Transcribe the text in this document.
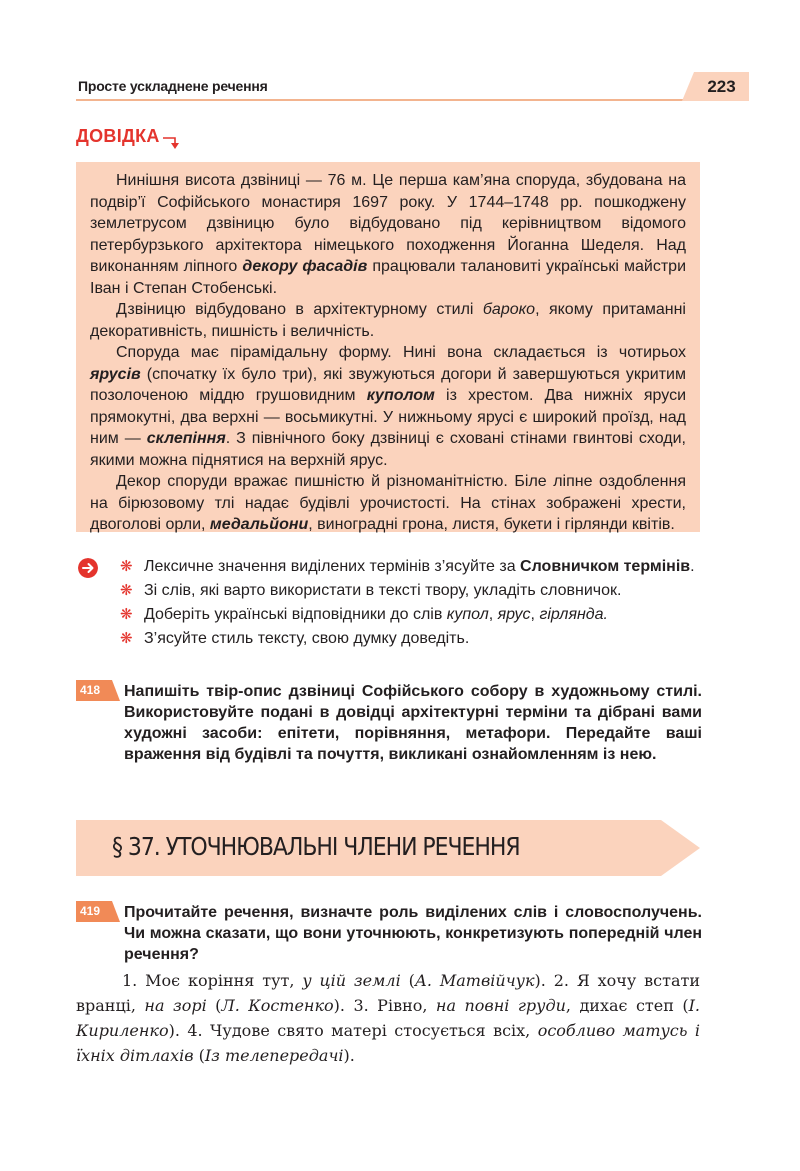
Просте ускладнене речення	223
ДОВІДКА

Нинішня висота дзвіниці — 76 м. Це перша кам’яна споруда, збудована на подвір’ї Софійського монастиря 1697 року. У 1744–1748 рр. пошкоджену землетрусом дзвіницю було відбудовано під керівництвом відомого петербурзького архітектора німецького походження Йоганна Шеделя. Над виконанням ліпного декору фасадів працювали талановиті українські майстри Іван і Степан Стобенські.

Дзвіницю відбудовано в архітектурному стилі бароко, якому притаманні декоративність, пишність і величність.

Споруда має пірамідальну форму. Нині вона складається із чотирьох ярусів (спочатку їх було три), які звужуються догори й завершуються укритим позолоченою міддю грушовидним куполом із хрестом. Два нижніх яруси прямокутні, два верхні — восьмикутні. У нижньому ярусі є широкий проїзд, над ним — склепіння. З північного боку дзвіниці є сховані стінами гвинтові сходи, якими можна піднятися на верхній ярус.

Декор споруди вражає пишністю й різноманітністю. Біле ліпне оздоблення на бірюзовому тлі надає будівлі урочистості. На стінах зображені хрести, двоголові орли, медальйони, виноградні грона, листя, букети і гірлянди квітів.

❋ Лексичне значення виділених термінів з’ясуйте за Словничком термінів.
❋ Зі слів, які варто використати в тексті твору, укладіть словничок.
❋ Доберіть українські відповідники до слів купол, ярус, гірлянда.
❋ З’ясуйте стиль тексту, свою думку доведіть.
418	Напишіть твір-опис дзвіниці Софійського собору в художньому стилі. Використовуйте подані в довідці архітектурні терміни та дібрані вами художні засоби: епітети, порівняння, метафори. Передайте ваші враження від будівлі та почуття, викликані ознайомленням із нею.
§ 37. УТОЧНЮВАЛЬНІ ЧЛЕНИ РЕЧЕННЯ
419	Прочитайте речення, визначте роль виділених слів і словосполучень. Чи можна сказати, що вони уточнюють, конкретизують попередній член речення?

1. Моє коріння тут, у цій землі (А. Матвійчук). 2. Я хочу встати вранці, на зорі (Л. Костенко). 3. Рівно, на повні груди, дихає степ (І. Кириленко). 4. Чудове свято матері стосується всіх, особливо матусь і їхніх дітлахів (Із телепередачі).
